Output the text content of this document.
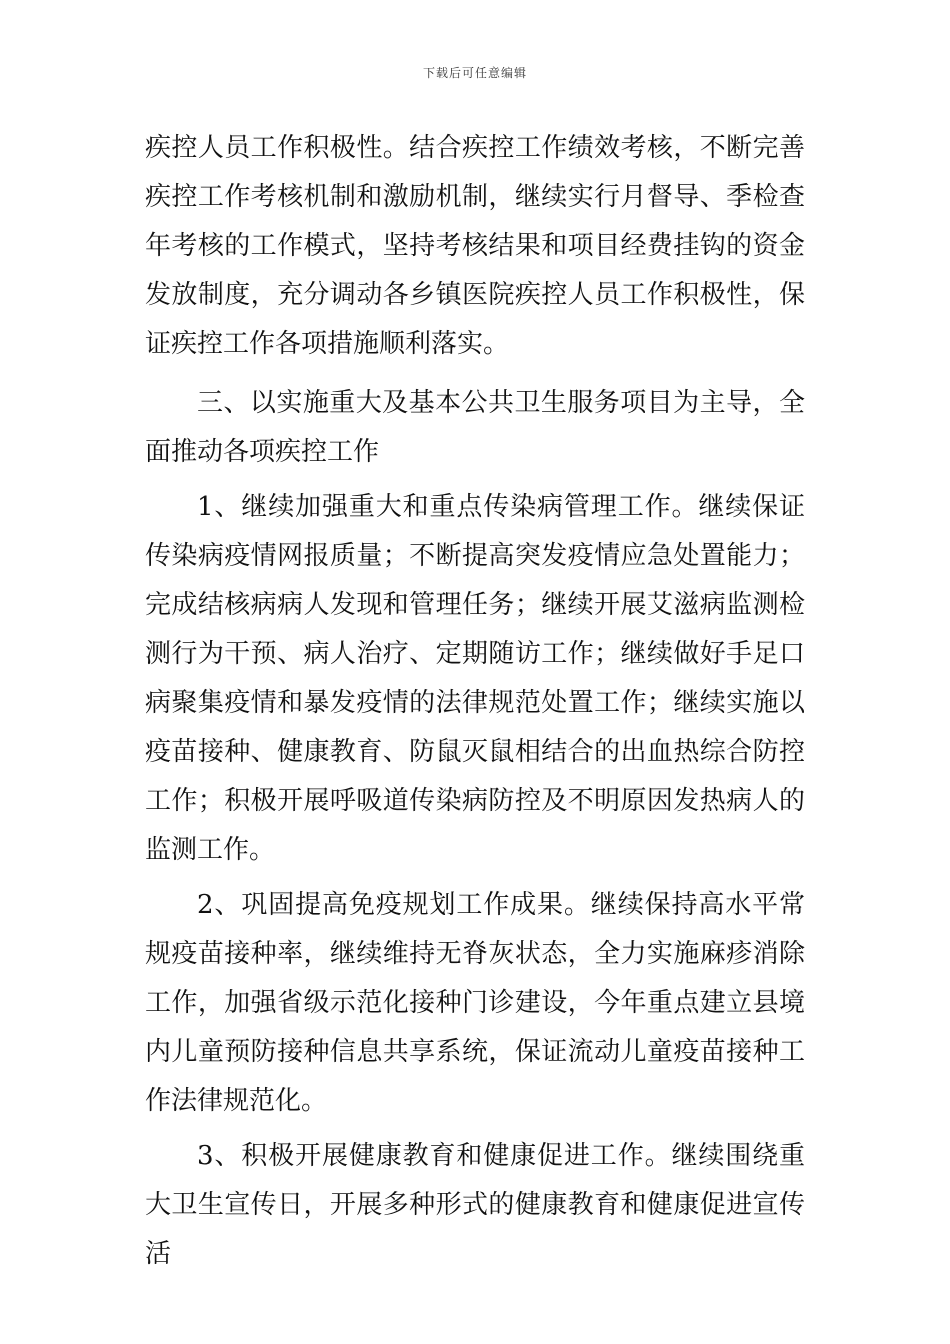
下载后可任意编辑

疾控人员工作积极性。结合疾控工作绩效考核，不断完善疾控工作考核机制和激励机制，继续实行月督导、季检查年考核的工作模式，坚持考核结果和项目经费挂钩的资金发放制度，充分调动各乡镇医院疾控人员工作积极性，保证疾控工作各项措施顺利落实。

三、以实施重大及基本公共卫生服务项目为主导，全面推动各项疾控工作

1、继续加强重大和重点传染病管理工作。继续保证传染病疫情网报质量；不断提高突发疫情应急处置能力；完成结核病病人发现和管理任务；继续开展艾滋病监测检测行为干预、病人治疗、定期随访工作；继续做好手足口病聚集疫情和暴发疫情的法律规范处置工作；继续实施以疫苗接种、健康教育、防鼠灭鼠相结合的出血热综合防控工作；积极开展呼吸道传染病防控及不明原因发热病人的监测工作。

2、巩固提高免疫规划工作成果。继续保持高水平常规疫苗接种率，继续维持无脊灰状态，全力实施麻疹消除工作，加强省级示范化接种门诊建设，今年重点建立县境内儿童预防接种信息共享系统，保证流动儿童疫苗接种工作法律规范化。

3、积极开展健康教育和健康促进工作。继续围绕重大卫生宣传日，开展多种形式的健康教育和健康促进宣传活
